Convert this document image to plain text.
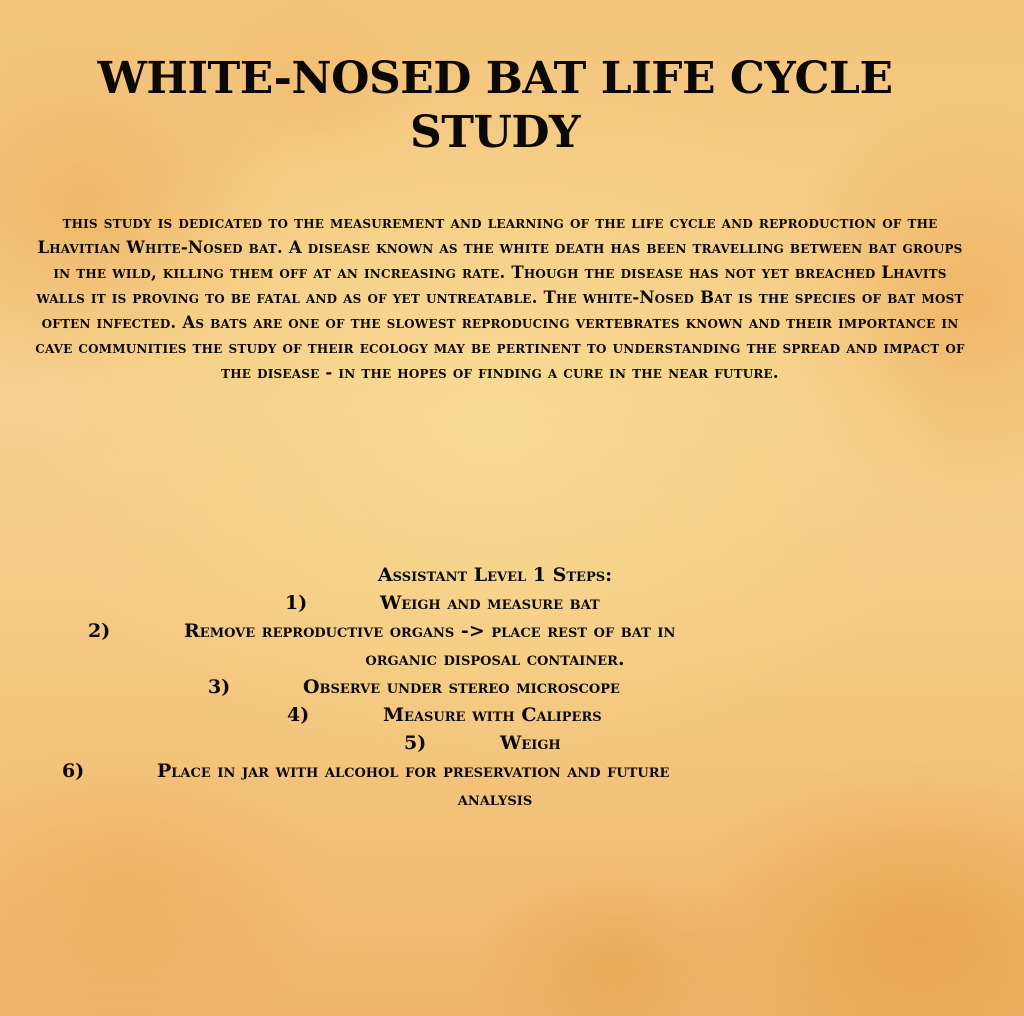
WHITE-NOSED BAT LIFE CYCLE
STUDY

this study is dedicated to the measurement and learning of the life cycle and reproduction of the Lhavitian White-Nosed bat. A disease known as the white death has been travelling between bat groups in the wild, killing them off at an increasing rate. Though the disease has not yet breached Lhavits walls it is proving to be fatal and as of yet untreatable. The white-Nosed Bat is the species of bat most often infected. As bats are one of the slowest reproducing vertebrates known and their importance in cave communities the study of their ecology may be pertinent to understanding the spread and impact of the disease - in the hopes of finding a cure in the near future.

Assistant Level 1 Steps:
1)	Weigh and measure bat
2)	Remove reproductive organs -> place rest of bat in
organic disposal container.
3)	Observe under stereo microscope
4)	Measure with Calipers
5)	Weigh
6)	Place in jar with alcohol for preservation and future
analysis
